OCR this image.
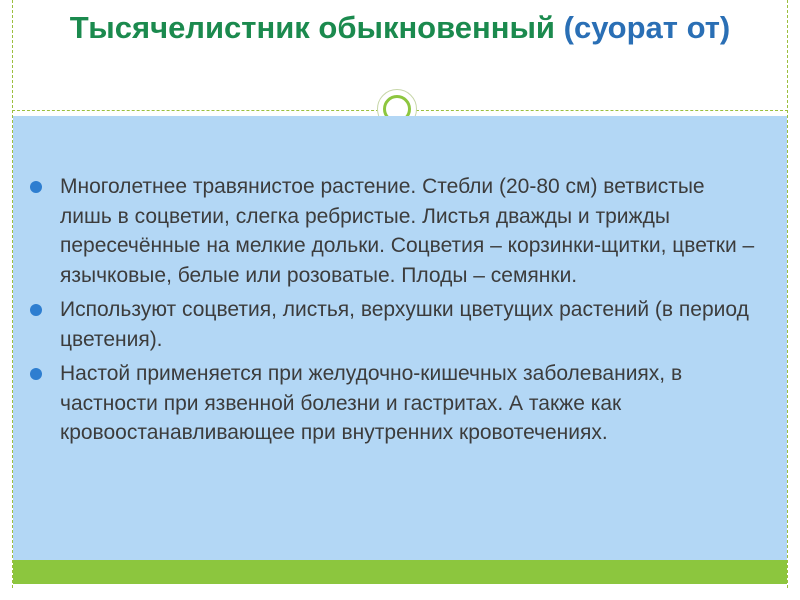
Тысячелистник обыкновенный (суорат от)
Многолетнее травянистое растение. Стебли (20-80 см) ветвистые лишь в соцветии, слегка ребристые. Листья дважды и трижды пересечённые на мелкие дольки. Соцветия – корзинки-щитки, цветки – язычковые, белые или розоватые. Плоды – семянки.
Используют соцветия, листья, верхушки цветущих растений (в период цветения).
Настой применяется при желудочно-кишечных заболеваниях, в частности при язвенной болезни и гастритах. А также как кровоостанавливающее при внутренних кровотечениях.
